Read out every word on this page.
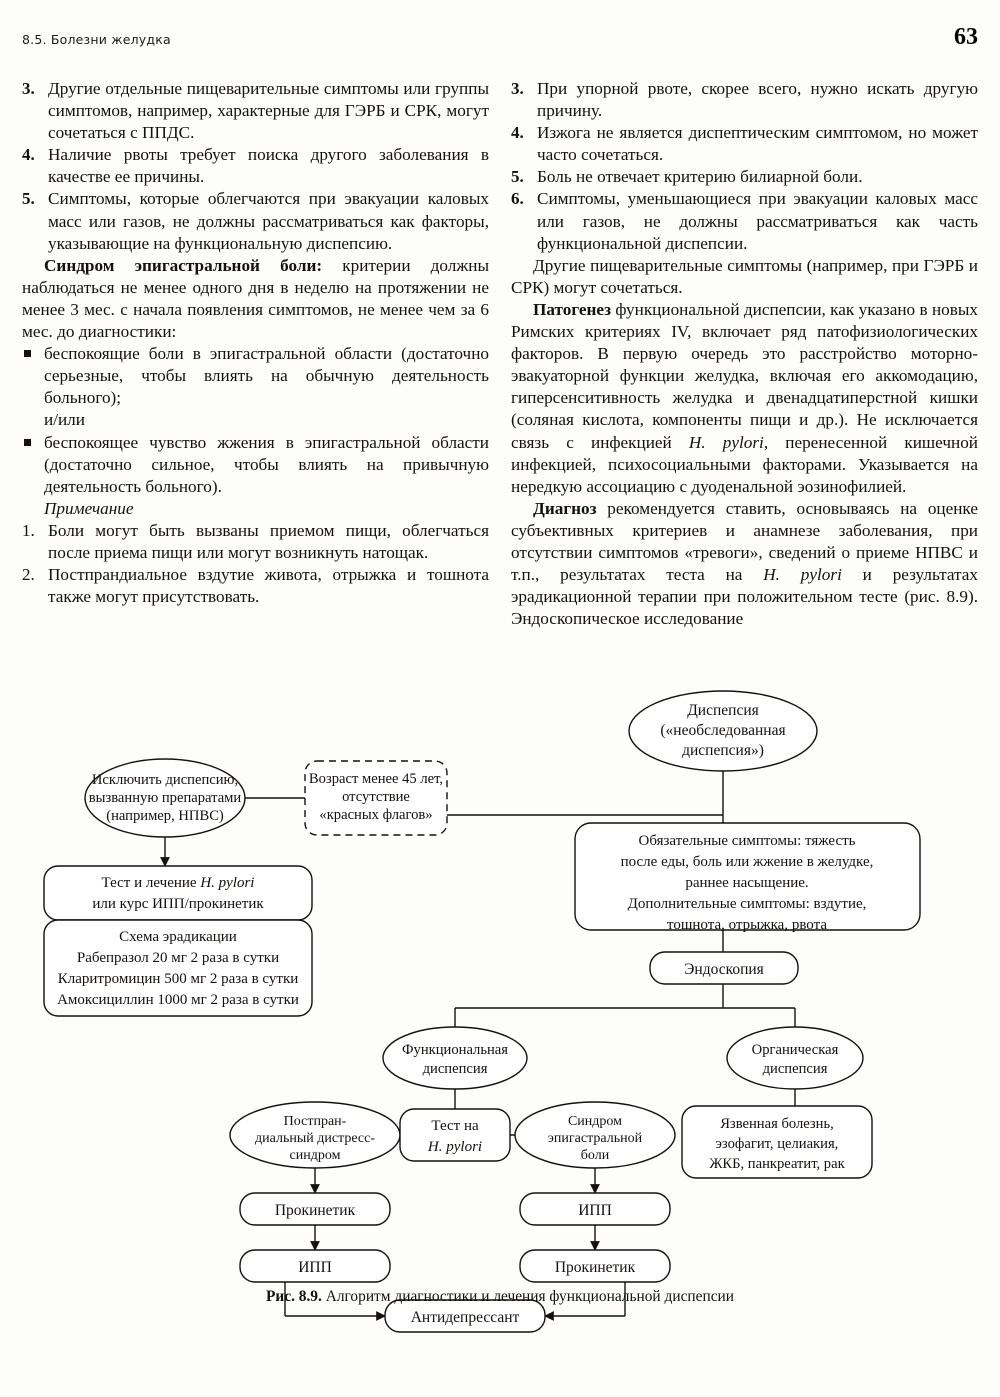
8.5. Болезни желудка	63
3. Другие отдельные пищеварительные симптомы или группы симптомов, например, характерные для ГЭРБ и СРК, могут сочетаться с ППДС.
4. Наличие рвоты требует поиска другого заболевания в качестве ее причины.
5. Симптомы, которые облегчаются при эвакуации каловых масс или газов, не должны рассматриваться как факторы, указывающие на функциональную диспепсию.

Синдром эпигастральной боли: критерии должны наблюдаться не менее одного дня в неделю на протяжении не менее 3 мес. с начала появления симптомов, не менее чем за 6 мес. до диагностики:

беспокоящие боли в эпигастральной области (достаточно серьезные, чтобы влиять на обычную деятельность больного);

и/или

беспокоящее чувство жжения в эпигастральной области (достаточно сильное, чтобы влиять на привычную деятельность больного).

Примечание

1. Боли могут быть вызваны приемом пищи, облегчаться после приема пищи или могут возникнуть натощак.
2. Постпрандиальное вздутие живота, отрыжка и тошнота также могут присутствовать.
3. При упорной рвоте, скорее всего, нужно искать другую причину.
4. Изжога не является диспептическим симптомом, но может часто сочетаться.
5. Боль не отвечает критерию билиарной боли.
6. Симптомы, уменьшающиеся при эвакуации каловых масс или газов, не должны рассматриваться как часть функциональной диспепсии.

Другие пищеварительные симптомы (например, при ГЭРБ и СРК) могут сочетаться.

Патогенез функциональной диспепсии, как указано в новых Римских критериях IV, включает ряд патофизиологических факторов. В первую очередь это расстройство моторно-эвакуаторной функции желудка, включая его аккомодацию, гиперсенситивность желудка и двенадцатиперстной кишки (соляная кислота, компоненты пищи и др.). Не исключается связь с инфекцией H. pylori, перенесенной кишечной инфекцией, психосоциальными факторами. Указывается на нередкую ассоциацию с дуоденальной эозинофилией.

Диагноз рекомендуется ставить, основываясь на оценке субъективных критериев и анамнезе заболевания, при отсутствии симптомов «тревоги», сведений о приеме НПВС и т.п., результатах теста на H. pylori и результатах эрадикационной терапии при положительном тесте (рис. 8.9). Эндоскопическое исследование

Диспепсия
(«необследованная
диспепсия»)
Исключить диспепсию,
вызванную препаратами
(например, НПВС)
Возраст менее 45 лет,
отсутствие
«красных флагов»
Тест и лечение H. pylori
или курс ИПП/прокинетик
Схема эрадикации
Рабепразол 20 мг 2 раза в сутки
Кларитромицин 500 мг 2 раза в сутки
Амоксициллин 1000 мг 2 раза в сутки
Обязательные симптомы: тяжесть
после еды, боль или жжение в желудке,
раннее насыщение.
Дополнительные симптомы: вздутие,
тошнота, отрыжка, рвота
Эндоскопия
Функциональная
диспепсия
Органическая
диспепсия
Постпран-
диальный дистресс-
синдром
Тест на
H. pylori
Синдром
эпигастральной
боли
Язвенная болезнь,
эзофагит, целиакия,
ЖКБ, панкреатит, рак
Прокинетик
ИПП
ИПП
Прокинетик
Антидепрессант
Рис. 8.9. Алгоритм диагностики и лечения функциональной диспепсии
